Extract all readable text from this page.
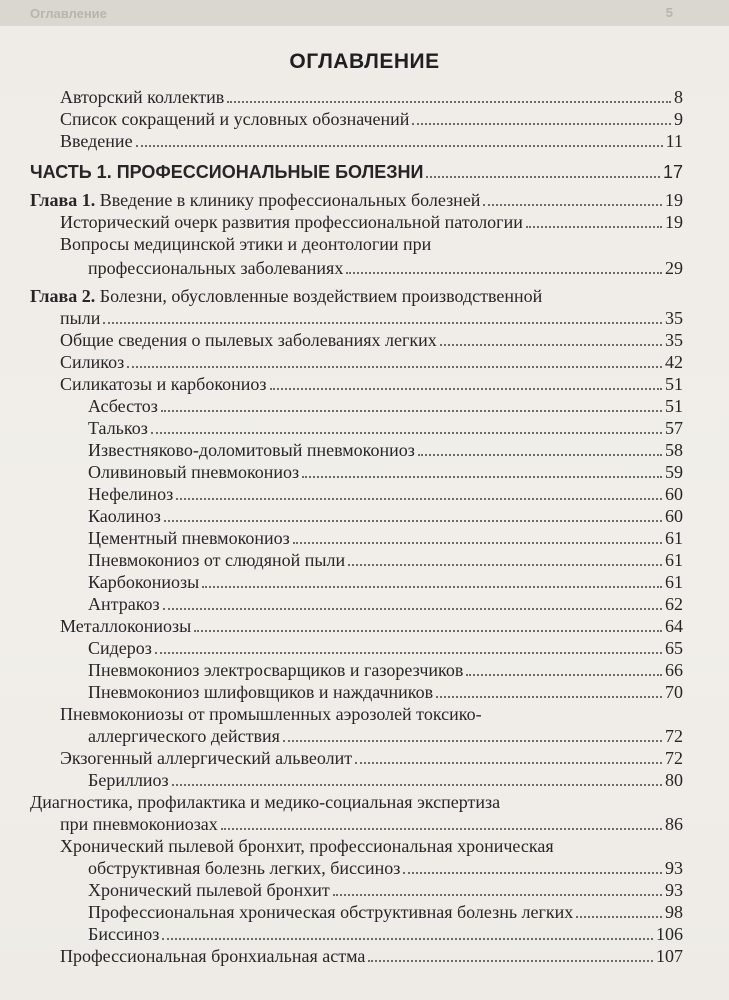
Оглавление	5
ОГЛАВЛЕНИЕ
Авторский коллектив	8
Список сокращений и условных обозначений	9
Введение	11
ЧАСТЬ 1. ПРОФЕССИОНАЛЬНЫЕ БОЛЕЗНИ	17
Глава 1. Введение в клинику профессиональных болезней	19
Исторический очерк развития профессиональной патологии	19
Вопросы медицинской этики и деонтологии при
профессиональных заболеваниях	29
Глава 2. Болезни, обусловленные воздействием производственной
пыли	35
Общие сведения о пылевых заболеваниях легких	35
Силикоз	42
Силикатозы и карбокониоз	51
Асбестоз	51
Талькоз	57
Известняково-доломитовый пневмокониоз	58
Оливиновый пневмокониоз	59
Нефелиноз	60
Каолиноз	60
Цементный пневмокониоз	61
Пневмокониоз от слюдяной пыли	61
Карбокониозы	61
Антракоз	62
Металлокониозы	64
Сидероз	65
Пневмокониоз электросварщиков и газорезчиков	66
Пневмокониоз шлифовщиков и наждачников	70
Пневмокониозы от промышленных аэрозолей токсико-
аллергического действия	72
Экзогенный аллергический альвеолит	72
Бериллиоз	80
Диагностика, профилактика и медико-социальная экспертиза
при пневмокониозах	86
Хронический пылевой бронхит, профессиональная хроническая
обструктивная болезнь легких, биссиноз	93
Хронический пылевой бронхит	93
Профессиональная хроническая обструктивная болезнь легких	98
Биссиноз	106
Профессиональная бронхиальная астма	107
